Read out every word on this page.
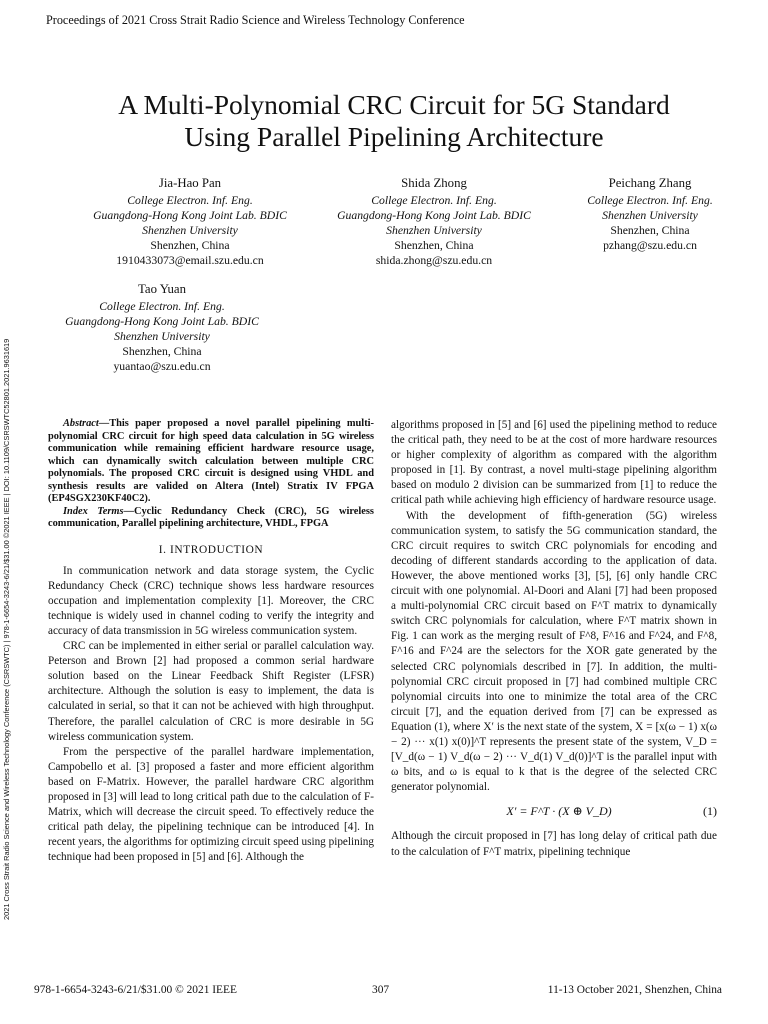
Proceedings of 2021 Cross Strait Radio Science and Wireless Technology Conference
2021 Cross Strait Radio Science and Wireless Technology Conference (CSRSWTC) | 978-1-6654-3243-6/21/$31.00 ©2021 IEEE | DOI: 10.1109/CSRSWTC52801.2021.9631619
A Multi-Polynomial CRC Circuit for 5G Standard
Using Parallel Pipelining Architecture
Jia-Hao Pan
College Electron. Inf. Eng.
Guangdong-Hong Kong Joint Lab. BDIC
Shenzhen University
Shenzhen, China
1910433073@email.szu.edu.cn
Shida Zhong
College Electron. Inf. Eng.
Guangdong-Hong Kong Joint Lab. BDIC
Shenzhen University
Shenzhen, China
shida.zhong@szu.edu.cn
Peichang Zhang
College Electron. Inf. Eng.
Shenzhen University
Shenzhen, China
pzhang@szu.edu.cn
Tao Yuan
College Electron. Inf. Eng.
Guangdong-Hong Kong Joint Lab. BDIC
Shenzhen University
Shenzhen, China
yuantao@szu.edu.cn

Abstract—This paper proposed a novel parallel pipelining multi-polynomial CRC circuit for high speed data calculation in 5G wireless communication while remaining efficient hardware resource usage, which can dynamically switch calculation between multiple CRC polynomials. The proposed CRC circuit is designed using VHDL and synthesis results are valided on Altera (Intel) Stratix IV FPGA (EP4SGX230KF40C2).

Index Terms—Cyclic Redundancy Check (CRC), 5G wireless communication, Parallel pipelining architecture, VHDL, FPGA

I. INTRODUCTION

In communication network and data storage system, the Cyclic Redundancy Check (CRC) technique shows less hardware resources occupation and implementation complexity [1]. Moreover, the CRC technique is widely used in channel coding to verify the integrity and accuracy of data transmission in 5G wireless communication system.

CRC can be implemented in either serial or parallel calculation way. Peterson and Brown [2] had proposed a common serial hardware solution based on the Linear Feedback Shift Register (LFSR) architecture. Although the solution is easy to implement, the data is calculated in serial, so that it can not be achieved with high throughput. Therefore, the parallel calculation of CRC is more desirable in 5G wireless communication system.

From the perspective of the parallel hardware implementation, Campobello et al. [3] proposed a faster and more efficient algorithm based on F-Matrix. However, the parallel hardware CRC algorithm proposed in [3] will lead to long critical path due to the calculation of F-Matrix, which will decrease the circuit speed. To effectively reduce the critical path delay, the pipelining technique can be introduced [4]. In recent years, the algorithms for optimizing circuit speed using pipelining technique had been proposed in [5] and [6]. Although the

algorithms proposed in [5] and [6] used the pipelining method to reduce the critical path, they need to be at the cost of more hardware resources or higher complexity of algorithm as compared with the algorithm proposed in [1]. By contrast, a novel multi-stage pipelining algorithm based on modulo 2 division can be summarized from [1] to reduce the critical path while achieving high efficiency of hardware resource usage.

With the development of fifth-generation (5G) wireless communication system, to satisfy the 5G communication standard, the CRC circuit requires to switch CRC polynomials for encoding and decoding of different standards according to the application of data. However, the above mentioned works [3], [5], [6] only handle CRC circuit with one polynomial. Al-Doori and Alani [7] had been proposed a multi-polynomial CRC circuit based on F^T matrix to dynamically switch CRC polynomials for calculation, where F^T matrix shown in Fig. 1 can work as the merging result of F^8, F^16 and F^24, and F^8, F^16 and F^24 are the selectors for the XOR gate generated by the selected CRC polynomials described in [7]. In addition, the multi-polynomial CRC circuit proposed in [7] had combined multiple CRC polynomial circuits into one to minimize the total area of the CRC circuit [7], and the equation derived from [7] can be expressed as Equation (1), where X′ is the next state of the system, X = [x(ω − 1) x(ω − 2) ··· x(1) x(0)]^T represents the present state of the system, V_D = [V_d(ω − 1) V_d(ω − 2) ··· V_d(1) V_d(0)]^T is the parallel input with ω bits, and ω is equal to k that is the degree of the selected CRC generator polynomial.

X′ = F^T · (X ⊕ V_D)	(1)

Although the circuit proposed in [7] has long delay of critical path due to the calculation of F^T matrix, pipelining technique

978-1-6654-3243-6/21/$31.00 © 2021 IEEE	307	11-13 October 2021, Shenzhen, China
